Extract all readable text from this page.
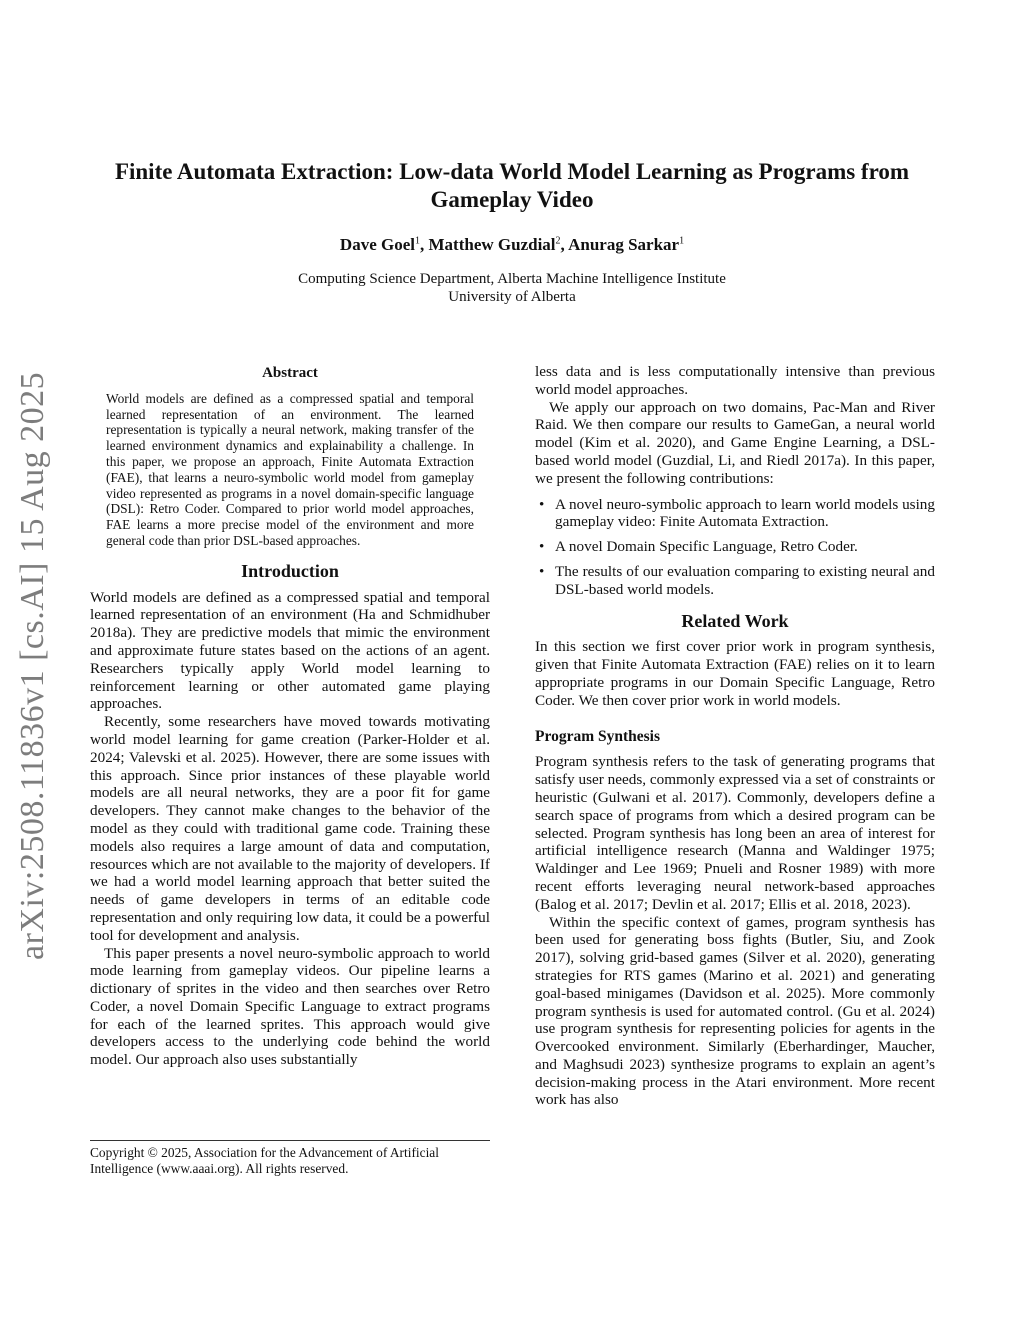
arXiv:2508.11836v1 [cs.AI] 15 Aug 2025
Finite Automata Extraction: Low-data World Model Learning as Programs from
Gameplay Video

Dave Goel$^1$, Matthew Guzdial$^2$, Anurag Sarkar$^1$

Computing Science Department, Alberta Machine Intelligence Institute
University of Alberta

Abstract

World models are defined as a compressed spatial and temporal learned representation of an environment. The learned representation is typically a neural network, making transfer of the learned environment dynamics and explainability a challenge. In this paper, we propose an approach, Finite Automata Extraction (FAE), that learns a neuro-symbolic world model from gameplay video represented as programs in a novel domain-specific language (DSL): Retro Coder. Compared to prior world model approaches, FAE learns a more precise model of the environment and more general code than prior DSL-based approaches.

Introduction

World models are defined as a compressed spatial and temporal learned representation of an environment (Ha and Schmidhuber 2018a). They are predictive models that mimic the environment and approximate future states based on the actions of an agent. Researchers typically apply World model learning to reinforcement learning or other automated game playing approaches.

Recently, some researchers have moved towards motivating world model learning for game creation (Parker-Holder et al. 2024; Valevski et al. 2025). However, there are some issues with this approach. Since prior instances of these playable world models are all neural networks, they are a poor fit for game developers. They cannot make changes to the behavior of the model as they could with traditional game code. Training these models also requires a large amount of data and computation, resources which are not available to the majority of developers. If we had a world model learning approach that better suited the needs of game developers in terms of an editable code representation and only requiring low data, it could be a powerful tool for development and analysis.

This paper presents a novel neuro-symbolic approach to world mode learning from gameplay videos. Our pipeline learns a dictionary of sprites in the video and then searches over Retro Coder, a novel Domain Specific Language to extract programs for each of the learned sprites. This approach would give developers access to the underlying code behind the world model. Our approach also uses substantially

Copyright © 2025, Association for the Advancement of Artificial
Intelligence (www.aaai.org). All rights reserved.

less data and is less computationally intensive than previous world model approaches.

We apply our approach on two domains, Pac-Man and River Raid. We then compare our results to GameGan, a neural world model (Kim et al. 2020), and Game Engine Learning, a DSL-based world model (Guzdial, Li, and Riedl 2017a). In this paper, we present the following contributions:

• A novel neuro-symbolic approach to learn world models using gameplay video: Finite Automata Extraction.
• A novel Domain Specific Language, Retro Coder.
• The results of our evaluation comparing to existing neural and DSL-based world models.
Related Work

In this section we first cover prior work in program synthesis, given that Finite Automata Extraction (FAE) relies on it to learn appropriate programs in our Domain Specific Language, Retro Coder. We then cover prior work in world models.

Program Synthesis

Program synthesis refers to the task of generating programs that satisfy user needs, commonly expressed via a set of constraints or heuristic (Gulwani et al. 2017). Commonly, developers define a search space of programs from which a desired program can be selected. Program synthesis has long been an area of interest for artificial intelligence research (Manna and Waldinger 1975; Waldinger and Lee 1969; Pnueli and Rosner 1989) with more recent efforts leveraging neural network-based approaches (Balog et al. 2017; Devlin et al. 2017; Ellis et al. 2018, 2023).

Within the specific context of games, program synthesis has been used for generating boss fights (Butler, Siu, and Zook 2017), solving grid-based games (Silver et al. 2020), generating strategies for RTS games (Marino et al. 2021) and generating goal-based minigames (Davidson et al. 2025). More commonly program synthesis is used for automated control. (Gu et al. 2024) use program synthesis for representing policies for agents in the Overcooked environment. Similarly (Eberhardinger, Maucher, and Maghsudi 2023) synthesize programs to explain an agent’s decision-making process in the Atari environment. More recent work has also
